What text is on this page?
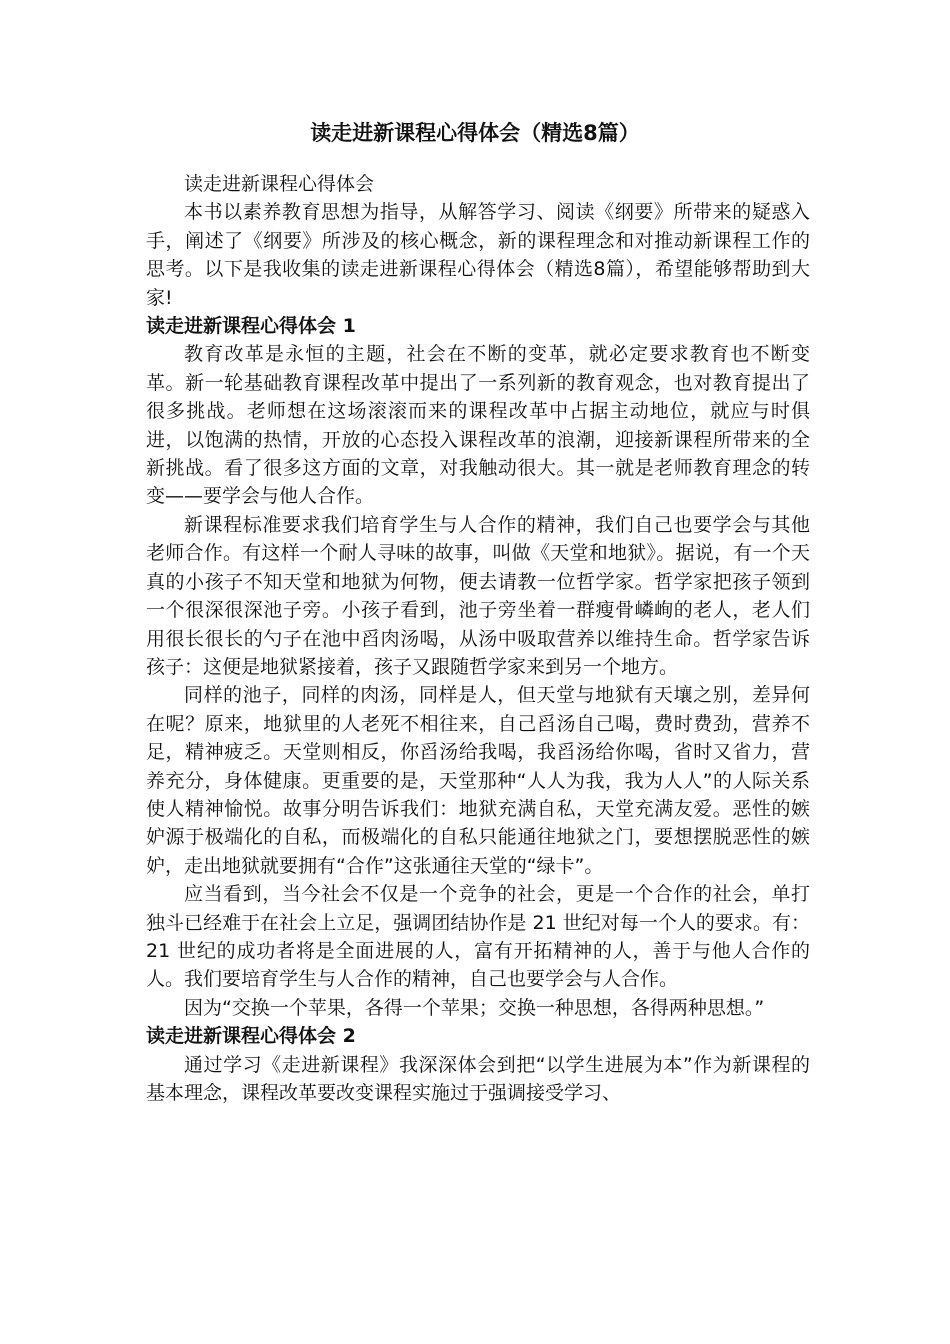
读走进新课程心得体会（精选8篇）

读走进新课程心得体会

本书以素养教育思想为指导，从解答学习、阅读《纲要》所带来的疑惑入手，阐述了《纲要》所涉及的核心概念，新的课程理念和对推动新课程工作的思考。以下是我收集的读走进新课程心得体会（精选8篇），希望能够帮助到大家!

读走进新课程心得体会 1

教育改革是永恒的主题，社会在不断的变革，就必定要求教育也不断变革。新一轮基础教育课程改革中提出了一系列新的教育观念，也对教育提出了很多挑战。老师想在这场滚滚而来的课程改革中占据主动地位，就应与时俱进，以饱满的热情，开放的心态投入课程改革的浪潮，迎接新课程所带来的全新挑战。看了很多这方面的文章，对我触动很大。其一就是老师教育理念的转变——要学会与他人合作。

新课程标准要求我们培育学生与人合作的精神，我们自己也要学会与其他老师合作。有这样一个耐人寻味的故事，叫做《天堂和地狱》。据说，有一个天真的小孩子不知天堂和地狱为何物，便去请教一位哲学家。哲学家把孩子领到一个很深很深池子旁。小孩子看到，池子旁坐着一群瘦骨嶙峋的老人，老人们用很长很长的勺子在池中舀肉汤喝，从汤中吸取营养以维持生命。哲学家告诉孩子：这便是地狱紧接着，孩子又跟随哲学家来到另一个地方。

同样的池子，同样的肉汤，同样是人，但天堂与地狱有天壤之别，差异何在呢？原来，地狱里的人老死不相往来，自己舀汤自己喝，费时费劲，营养不足，精神疲乏。天堂则相反，你舀汤给我喝，我舀汤给你喝，省时又省力，营养充分，身体健康。更重要的是，天堂那种“人人为我，我为人人”的人际关系使人精神愉悦。故事分明告诉我们：地狱充满自私，天堂充满友爱。恶性的嫉妒源于极端化的自私，而极端化的自私只能通往地狱之门，要想摆脱恶性的嫉妒，走出地狱就要拥有“合作”这张通往天堂的“绿卡”。

应当看到，当今社会不仅是一个竞争的社会，更是一个合作的社会，单打独斗已经难于在社会上立足，强调团结协作是 21 世纪对每一个人的要求。有：21 世纪的成功者将是全面进展的人，富有开拓精神的人，善于与他人合作的人。我们要培育学生与人合作的精神，自己也要学会与人合作。

因为“交换一个苹果，各得一个苹果；交换一种思想，各得两种思想。”

读走进新课程心得体会 2

通过学习《走进新课程》我深深体会到把“以学生进展为本”作为新课程的基本理念，课程改革要改变课程实施过于强调接受学习、
